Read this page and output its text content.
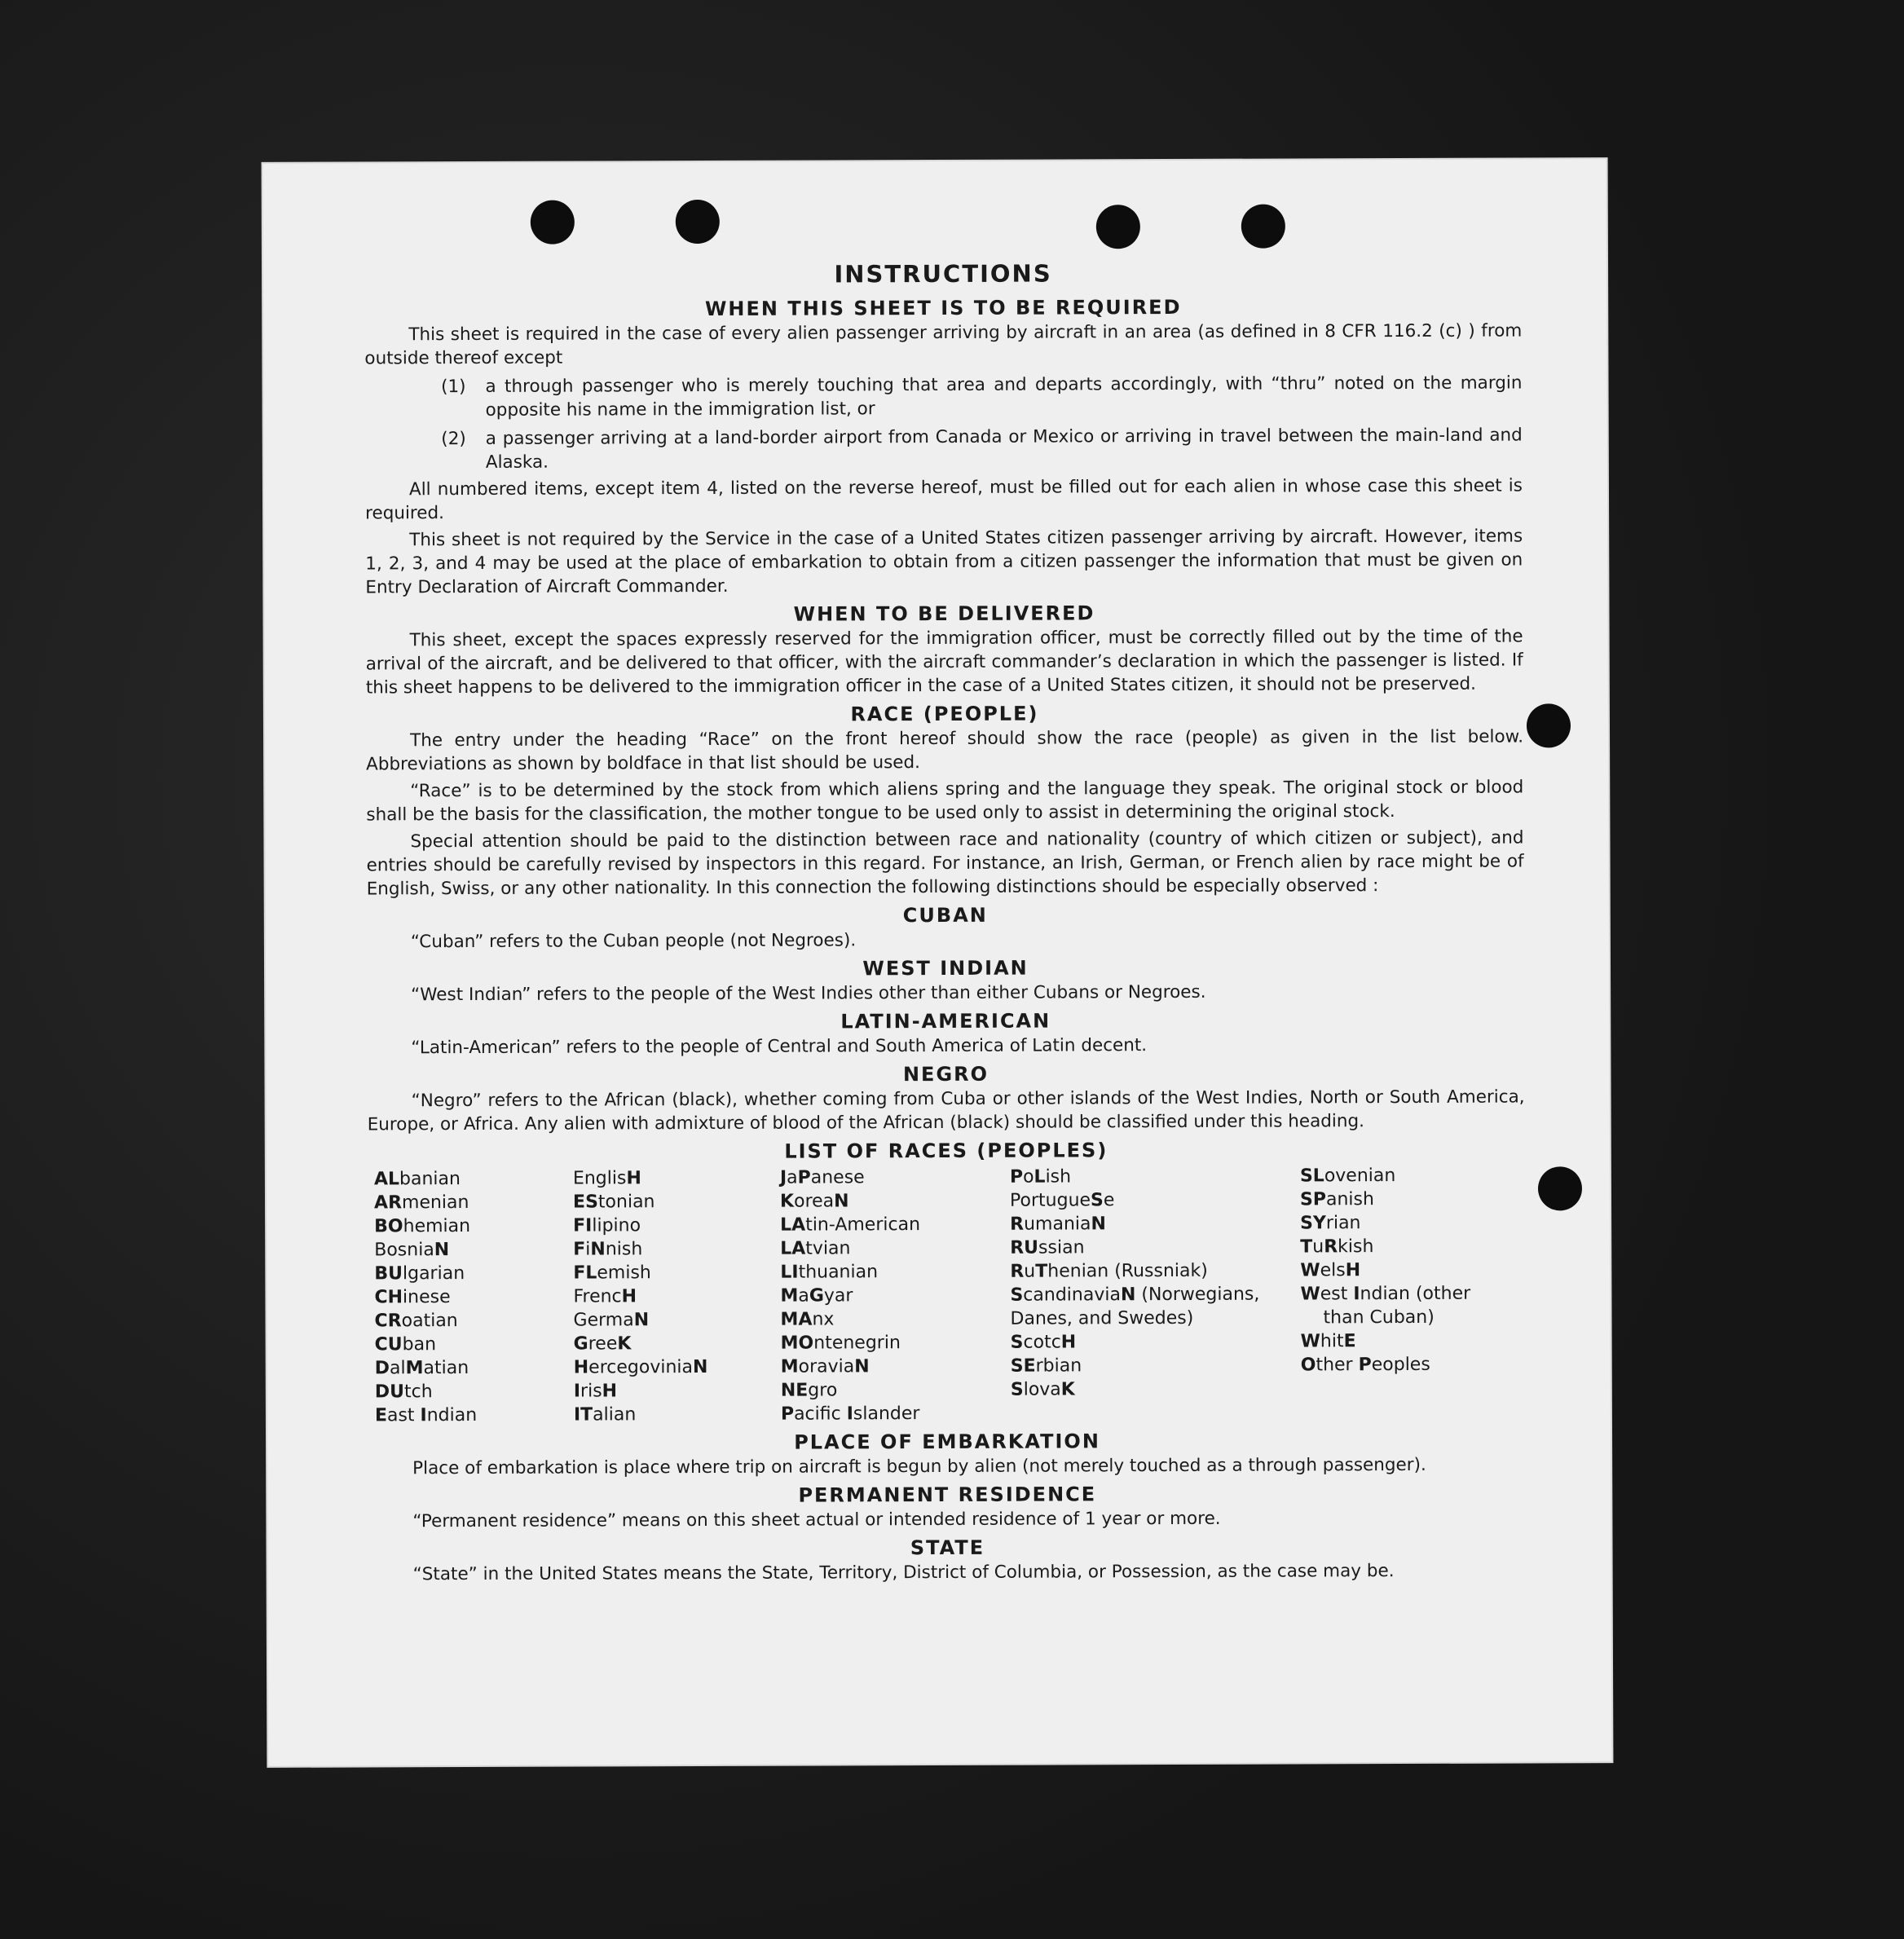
INSTRUCTIONS
WHEN THIS SHEET IS TO BE REQUIRED

This sheet is required in the case of every alien passenger arriving by aircraft in an area (as defined in 8 CFR 116.2 (c) ) from outside thereof except

(1)	a through passenger who is merely touching that area and departs accordingly, with “thru” noted on the margin opposite his name in the immigration list, or
(2)	a passenger arriving at a land-border airport from Canada or Mexico or arriving in travel between the main-land and Alaska.

All numbered items, except item 4, listed on the reverse hereof, must be filled out for each alien in whose case this sheet is required.

This sheet is not required by the Service in the case of a United States citizen passenger arriving by aircraft. However, items 1, 2, 3, and 4 may be used at the place of embarkation to obtain from a citizen passenger the information that must be given on Entry Declaration of Aircraft Commander.

WHEN TO BE DELIVERED

This sheet, except the spaces expressly reserved for the immigration officer, must be correctly filled out by the time of the arrival of the aircraft, and be delivered to that officer, with the aircraft commander’s declaration in which the passenger is listed. If this sheet happens to be delivered to the immigration officer in the case of a United States citizen, it should not be preserved.

RACE (PEOPLE)

The entry under the heading “Race” on the front hereof should show the race (people) as given in the list below. Abbreviations as shown by boldface in that list should be used.

“Race” is to be determined by the stock from which aliens spring and the language they speak. The original stock or blood shall be the basis for the classification, the mother tongue to be used only to assist in determining the original stock.

Special attention should be paid to the distinction between race and nationality (country of which citizen or subject), and entries should be carefully revised by inspectors in this regard. For instance, an Irish, German, or French alien by race might be of English, Swiss, or any other nationality. In this connection the following distinctions should be especially observed :

CUBAN
“Cuban” refers to the Cuban people (not Negroes).
WEST INDIAN
“West Indian” refers to the people of the West Indies other than either Cubans or Negroes.
LATIN-AMERICAN
“Latin-American” refers to the people of Central and South America of Latin decent.
NEGRO

“Negro” refers to the African (black), whether coming from Cuba or other islands of the West Indies, North or South America, Europe, or Africa. Any alien with admixture of blood of the African (black) should be classified under this heading.

LIST OF RACES (PEOPLES)
ALbanian
ARmenian
BOhemian
BosniaN
BUlgarian
CHinese
CRoatian
CUban
DalMatian
DUtch
East Indian
EnglisH
EStonian
FIlipino
FiNnish
FLemish
FrencH
GermaN
GreeK
HercegoviniaN
IrisH
ITalian
JaPanese
KoreaN
LAtin-American
LAtvian
LIthuanian
MaGyar
MAnx
MOntenegrin
MoraviaN
NEgro
Pacific Islander
PoLish
PortugueSe
RumaniaN
RUssian
RuThenian (Russniak)
ScandinaviaN (Norwegians, Danes, and Swedes)
ScotcH
SErbian
SlovaK
SLovenian
SPanish
SYrian
TuRkish
WelsH
West Indian (other
than Cuban)
WhitE
Other Peoples
PLACE OF EMBARKATION
Place of embarkation is place where trip on aircraft is begun by alien (not merely touched as a through passenger).
PERMANENT RESIDENCE
“Permanent residence” means on this sheet actual or intended residence of 1 year or more.
STATE
“State” in the United States means the State, Territory, District of Columbia, or Possession, as the case may be.
